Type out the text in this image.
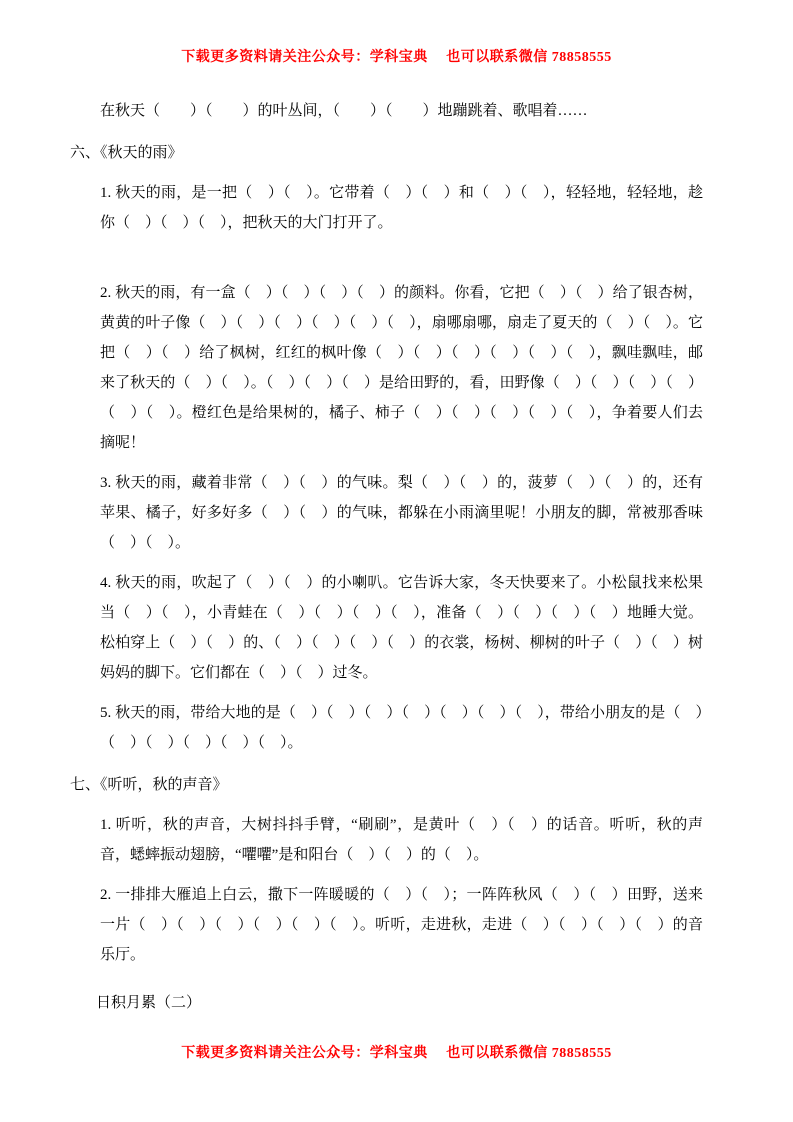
下载更多资料请关注公众号：学科宝典　 也可以联系微信 78858555

在秋天（　　）（　　）的叶丛间，（　　）（　　）地蹦跳着、歌唱着……

六、《秋天的雨》

1. 秋天的雨，是一把（　）（　）。它带着（　）（　）和（　）（　），轻轻地，轻轻地，趁你（　）（　）（　），把秋天的大门打开了。

2. 秋天的雨，有一盒（　）（　）（　）（　）的颜料。你看，它把（　）（　）给了银杏树，黄黄的叶子像（　）（　）（　）（　）（　）（　），扇哪扇哪，扇走了夏天的（　）（　）。它把（　）（　）给了枫树，红红的枫叶像（　）（　）（　）（　）（　）（　），飘哇飘哇，邮来了秋天的（　）（　）。（　）（　）（　）是给田野的，看，田野像（　）（　）（　）（　）（　）（　）。橙红色是给果树的，橘子、柿子（　）（　）（　）（　）（　），争着要人们去摘呢！

3. 秋天的雨，藏着非常（　）（　）的气味。梨（　）（　）的，菠萝（　）（　）的，还有苹果、橘子，好多好多（　）（　）的气味，都躲在小雨滴里呢！小朋友的脚，常被那香味（　）（　）。

4. 秋天的雨，吹起了（　）（　）的小喇叭。它告诉大家，冬天快要来了。小松鼠找来松果当（　）（　），小青蛙在（　）（　）（　）（　），准备（　）（　）（　）（　）地睡大觉。松柏穿上（　）（　）的、（　）（　）（　）（　）的衣裳，杨树、柳树的叶子（　）（　）树妈妈的脚下。它们都在（　）（　）过冬。

5. 秋天的雨，带给大地的是（　）（　）（　）（　）（　）（　）（　），带给小朋友的是（　）（　）（　）（　）（　）（　）。

七、《听听，秋的声音》

1. 听听，秋的声音，大树抖抖手臂，“刷刷”，是黄叶（　）（　）的话音。听听，秋的声音，蟋蟀振动翅膀，“㘗㘗”是和阳台（　）（　）的（　）。

2. 一排排大雁追上白云，撒下一阵暖暖的（　）（　）；一阵阵秋风（　）（　）田野，送来一片（　）（　）（　）（　）（　）（　）。听听，走进秋，走进（　）（　）（　）（　）的音乐厅。

日积月累（二）
下载更多资料请关注公众号：学科宝典　 也可以联系微信 78858555
